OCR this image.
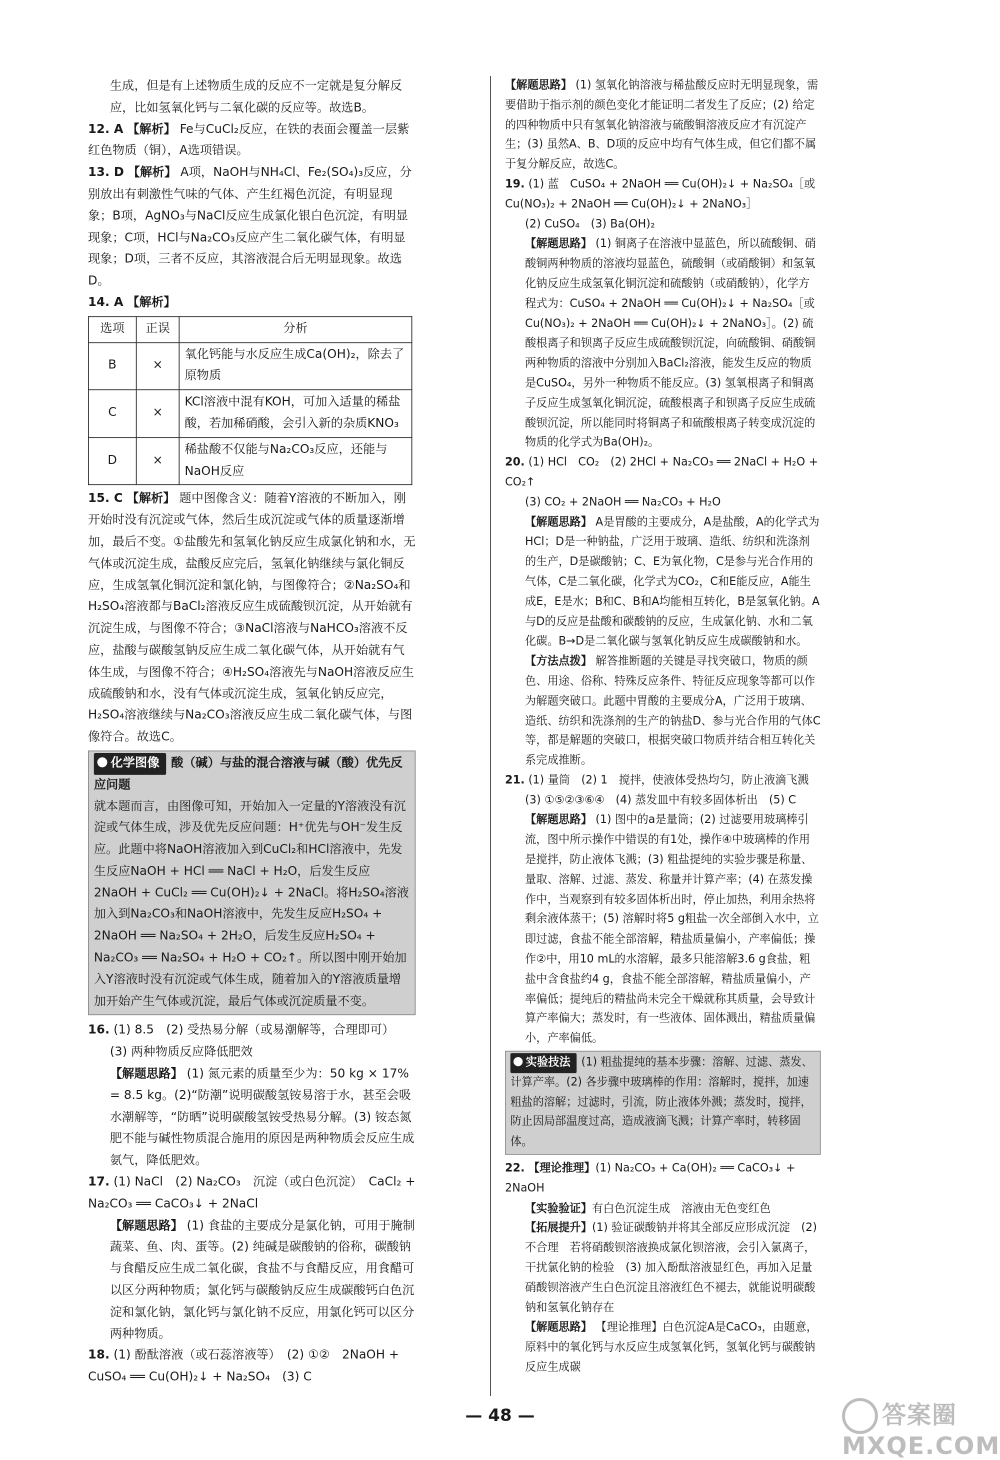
生成，但是有上述物质生成的反应不一定就是复分解反应，比如氢氧化钙与二氧化碳的反应等。故选B。

12. A 【解析】 Fe与CuCl₂反应，在铁的表面会覆盖一层紫红色物质（铜），A选项错误。

13. D 【解析】 A项，NaOH与NH₄Cl、Fe₂(SO₄)₃反应，分别放出有刺激性气味的气体、产生红褐色沉淀，有明显现象；B项，AgNO₃与NaCl反应生成氯化银白色沉淀，有明显现象；C项，HCl与Na₂CO₃反应产生二氧化碳气体，有明显现象；D项，三者不反应，其溶液混合后无明显现象。故选D。

14. A 【解析】

选项	正误	分析
B	×	氧化钙能与水反应生成Ca(OH)₂，除去了原物质
C	×	KCl溶液中混有KOH，可加入适量的稀盐酸，若加稀硝酸，会引入新的杂质KNO₃
D	×	稀盐酸不仅能与Na₂CO₃反应，还能与NaOH反应

15. C 【解析】 题中图像含义：随着Y溶液的不断加入，刚开始时没有沉淀或气体，然后生成沉淀或气体的质量逐渐增加，最后不变。①盐酸先和氢氧化钠反应生成氯化钠和水，无气体或沉淀生成，盐酸反应完后，氢氧化钠继续与氯化铜反应，生成氢氧化铜沉淀和氯化钠，与图像符合；②Na₂SO₄和H₂SO₄溶液都与BaCl₂溶液反应生成硫酸钡沉淀，从开始就有沉淀生成，与图像不符合；③NaCl溶液与NaHCO₃溶液不反应，盐酸与碳酸氢钠反应生成二氧化碳气体，从开始就有气体生成，与图像不符合；④H₂SO₄溶液先与NaOH溶液反应生成硫酸钠和水，没有气体或沉淀生成，氢氧化钠反应完，H₂SO₄溶液继续与Na₂CO₃溶液反应生成二氧化碳气体，与图像符合。故选C。

化学图像 酸（碱）与盐的混合溶液与碱（酸）优先反应问题
就本题而言，由图像可知，开始加入一定量的Y溶液没有沉淀或气体生成，涉及优先反应问题：H⁺优先与OH⁻发生反应。此题中将NaOH溶液加入到CuCl₂和HCl溶液中，先发生反应NaOH + HCl ══ NaCl + H₂O，后发生反应2NaOH + CuCl₂ ══ Cu(OH)₂↓ + 2NaCl。将H₂SO₄溶液加入到Na₂CO₃和NaOH溶液中，先发生反应H₂SO₄ + 2NaOH ══ Na₂SO₄ + 2H₂O，后发生反应H₂SO₄ + Na₂CO₃ ══ Na₂SO₄ + H₂O + CO₂↑。所以图中刚开始加入Y溶液时没有沉淀或气体生成，随着加入的Y溶液质量增加开始产生气体或沉淀，最后气体或沉淀质量不变。

16. (1) 8.5　(2) 受热易分解（或易潮解等，合理即可）

(3) 两种物质反应降低肥效

【解题思路】 (1) 氮元素的质量至少为：50 kg × 17% = 8.5 kg。(2)“防潮”说明碳酸氢铵易溶于水，甚至会吸水潮解等，“防晒”说明碳酸氢铵受热易分解。(3) 铵态氮肥不能与碱性物质混合施用的原因是两种物质会反应生成氨气，降低肥效。

17. (1) NaCl　(2) Na₂CO₃　沉淀（或白色沉淀）　CaCl₂ + Na₂CO₃ ══ CaCO₃↓ + 2NaCl

【解题思路】 (1) 食盐的主要成分是氯化钠，可用于腌制蔬菜、鱼、肉、蛋等。(2) 纯碱是碳酸钠的俗称，碳酸钠与食醋反应生成二氧化碳，食盐不与食醋反应，用食醋可以区分两种物质；氯化钙与碳酸钠反应生成碳酸钙白色沉淀和氯化钠，氯化钙与氯化钠不反应，用氯化钙可以区分两种物质。

18. (1) 酚酞溶液（或石蕊溶液等）　(2) ①②　2NaOH + CuSO₄ ══ Cu(OH)₂↓ + Na₂SO₄　(3) C

【解题思路】 (1) 氢氧化钠溶液与稀盐酸反应时无明显现象，需要借助于指示剂的颜色变化才能证明二者发生了反应；(2) 给定的四种物质中只有氢氧化钠溶液与硫酸铜溶液反应才有沉淀产生；(3) 虽然A、B、D项的反应中均有气体生成，但它们都不属于复分解反应，故选C。

19. (1) 蓝　CuSO₄ + 2NaOH ══ Cu(OH)₂↓ + Na₂SO₄［或Cu(NO₃)₂ + 2NaOH ══ Cu(OH)₂↓ + 2NaNO₃］

(2) CuSO₄　(3) Ba(OH)₂

【解题思路】 (1) 铜离子在溶液中显蓝色，所以硫酸铜、硝酸铜两种物质的溶液均显蓝色，硫酸铜（或硝酸铜）和氢氧化钠反应生成氢氧化铜沉淀和硫酸钠（或硝酸钠），化学方程式为：CuSO₄ + 2NaOH ══ Cu(OH)₂↓ + Na₂SO₄［或Cu(NO₃)₂ + 2NaOH ══ Cu(OH)₂↓ + 2NaNO₃］。(2) 硫酸根离子和钡离子反应生成硫酸钡沉淀，向硫酸铜、硝酸铜两种物质的溶液中分别加入BaCl₂溶液，能发生反应的物质是CuSO₄，另外一种物质不能反应。(3) 氢氧根离子和铜离子反应生成氢氧化铜沉淀，硫酸根离子和钡离子反应生成硫酸钡沉淀，所以能同时将铜离子和硫酸根离子转变成沉淀的物质的化学式为Ba(OH)₂。

20. (1) HCl　CO₂　(2) 2HCl + Na₂CO₃ ══ 2NaCl + H₂O + CO₂↑

(3) CO₂ + 2NaOH ══ Na₂CO₃ + H₂O

【解题思路】 A是胃酸的主要成分，A是盐酸，A的化学式为HCl；D是一种钠盐，广泛用于玻璃、造纸、纺织和洗涤剂的生产，D是碳酸钠；C、E为氧化物，C是参与光合作用的气体，C是二氧化碳，化学式为CO₂，C和E能反应，A能生成E，E是水；B和C、B和A均能相互转化，B是氢氧化钠。A与D的反应是盐酸和碳酸钠的反应，生成氯化钠、水和二氧化碳。B→D是二氧化碳与氢氧化钠反应生成碳酸钠和水。

【方法点拨】 解答推断题的关键是寻找突破口，物质的颜色、用途、俗称、特殊反应条件、特征反应现象等都可以作为解题突破口。此题中胃酸的主要成分A，广泛用于玻璃、造纸、纺织和洗涤剂的生产的钠盐D、参与光合作用的气体C等，都是解题的突破口，根据突破口物质并结合相互转化关系完成推断。

21. (1) 量筒　(2) 1　搅拌，使液体受热均匀，防止液滴飞溅

(3) ①⑤②③⑥④　(4) 蒸发皿中有较多固体析出　(5) C

【解题思路】 (1) 图中的a是量筒；(2) 过滤要用玻璃棒引流，图中所示操作中错误的有1处，操作④中玻璃棒的作用是搅拌，防止液体飞溅；(3) 粗盐提纯的实验步骤是称量、量取、溶解、过滤、蒸发、称量并计算产率；(4) 在蒸发操作中，当观察到有较多固体析出时，停止加热，利用余热将剩余液体蒸干；(5) 溶解时将5 g粗盐一次全部倒入水中，立即过滤，食盐不能全部溶解，精盐质量偏小，产率偏低；操作②中，用10 mL的水溶解，最多只能溶解3.6 g食盐，粗盐中含食盐约4 g，食盐不能全部溶解，精盐质量偏小，产率偏低；提纯后的精盐尚未完全干燥就称其质量，会导致计算产率偏大；蒸发时，有一些液体、固体溅出，精盐质量偏小，产率偏低。

实验技法 (1) 粗盐提纯的基本步骤：溶解、过滤、蒸发、计算产率。(2) 各步骤中玻璃棒的作用：溶解时，搅拌，加速粗盐的溶解；过滤时，引流，防止液体外溅；蒸发时，搅拌，防止因局部温度过高，造成液滴飞溅；计算产率时，转移固体。

22. 【理论推理】(1) Na₂CO₃ + Ca(OH)₂ ══ CaCO₃↓ + 2NaOH

【实验验证】有白色沉淀生成　溶液由无色变红色

【拓展提升】(1) 验证碳酸钠并将其全部反应形成沉淀　(2) 不合理　若将硝酸钡溶液换成氯化钡溶液，会引入氯离子，干扰氯化钠的检验　(3) 加入酚酞溶液显红色，再加入足量硝酸钡溶液产生白色沉淀且溶液红色不褪去，就能说明碳酸钠和氢氧化钠存在

【解题思路】 【理论推理】白色沉淀A是CaCO₃，由题意，原料中的氧化钙与水反应生成氢氧化钙，氢氧化钙与碳酸钠反应生成碳

— 48 —	答案圈 MXQE.COM
